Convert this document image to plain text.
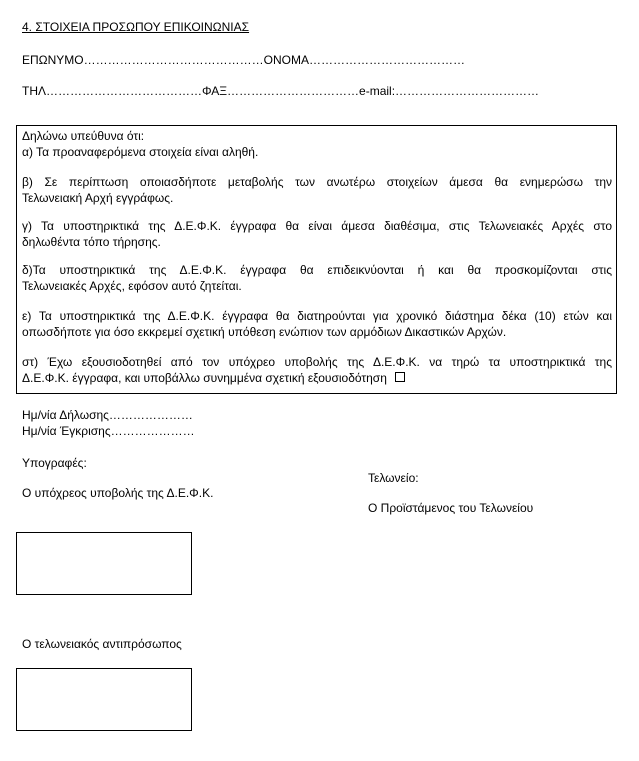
4. ΣΤΟΙΧΕΙΑ ΠΡΟΣΩΠΟΥ ΕΠΙΚΟΙΝΩΝΙΑΣ
ΕΠΩΝΥΜΟ………………………………………ΟΝΟΜΑ…………………………………
ΤΗΛ…………………………………ΦΑΞ……………………………e-mail:………………………………
Δηλώνω υπεύθυνα ότι:
α) Τα προαναφερόμενα στοιχεία είναι αληθή.
β) Σε περίπτωση οποιασδήποτε μεταβολής των ανωτέρω στοιχείων άμεσα θα ενημερώσω την
Τελωνειακή Αρχή εγγράφως.
γ) Τα υποστηρικτικά της Δ.Ε.Φ.Κ. έγγραφα θα είναι άμεσα διαθέσιμα, στις Τελωνειακές Αρχές στο
δηλωθέντα τόπο τήρησης.
δ)Τα υποστηρικτικά της Δ.Ε.Φ.Κ. έγγραφα θα επιδεικνύονται ή και θα προσκομίζονται στις
Τελωνειακές Αρχές, εφόσον αυτό ζητείται.
ε) Τα υποστηρικτικά της Δ.Ε.Φ.Κ. έγγραφα θα διατηρούνται για χρονικό διάστημα δέκα (10) ετών και
οπωσδήποτε για όσο εκκρεμεί σχετική υπόθεση ενώπιον των αρμόδιων Δικαστικών Αρχών.
στ) Έχω εξουσιοδοτηθεί από τον υπόχρεο υποβολής της Δ.Ε.Φ.Κ. να τηρώ τα υποστηρικτικά της
Δ.Ε.Φ.Κ. έγγραφα, και υποβάλλω συνημμένα σχετική εξουσιοδότηση
Ημ/νία Δήλωσης…………………
Ημ/νία Έγκρισης…………………
Υπογραφές:
Ο υπόχρεος υποβολής της Δ.Ε.Φ.Κ.
Τελωνείο:
Ο Προϊστάμενος του Τελωνείου
Ο τελωνειακός αντιπρόσωπος
